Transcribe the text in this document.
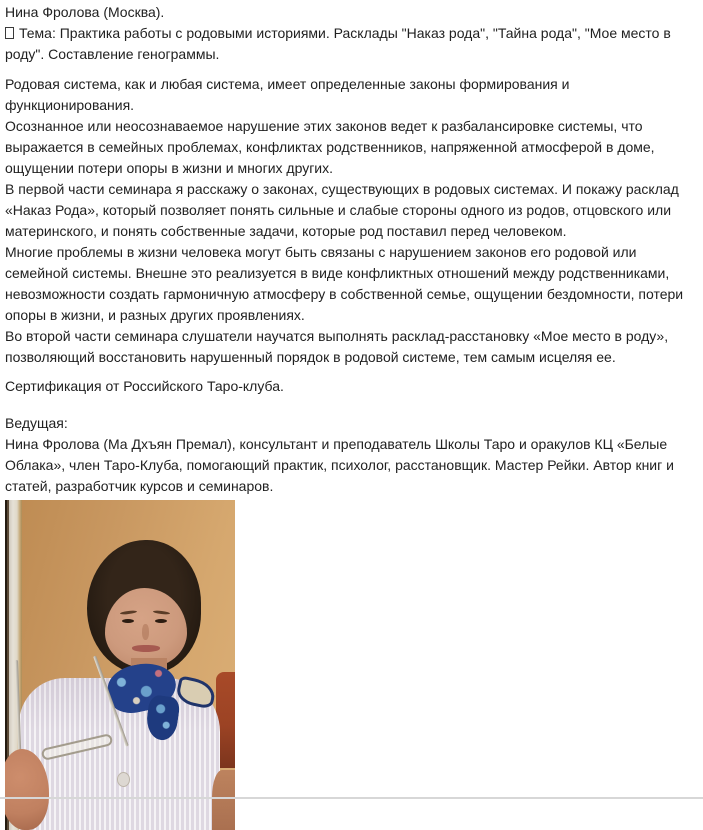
Нина Фролова (Москва).
Тема: Практика работы с родовыми историями. Расклады "Наказ рода", "Тайна рода", "Мое место в роду". Составление генограммы.
Родовая система, как и любая система, имеет определенные законы формирования и функционирования.
Осознанное или неосознаваемое нарушение этих законов ведет к разбалансировке системы, что выражается в семейных проблемах, конфликтах родственников, напряженной атмосферой в доме, ощущении потери опоры в жизни и многих других.
В первой части семинара я расскажу о законах, существующих в родовых системах. И покажу расклад «Наказ Рода», который позволяет понять сильные и слабые стороны одного из родов, отцовского или материнского, и понять собственные задачи, которые род поставил перед человеком.
Многие проблемы в жизни человека могут быть связаны с нарушением законов его родовой или семейной системы. Внешне это реализуется в виде конфликтных отношений между родственниками, невозможности создать гармоничную атмосферу в собственной семье, ощущении бездомности, потери опоры в жизни, и разных других проявлениях.
Во второй части семинара слушатели научатся выполнять расклад-расстановку «Мое место в роду», позволяющий восстановить нарушенный порядок в родовой системе, тем самым исцеляя ее.
Сертификация от Российского Таро-клуба.
Ведущая:
Нина Фролова (Ма Дхъян Премал), консультант и преподаватель Школы Таро и оракулов КЦ «Белые Облака», член Таро-Клуба, помогающий практик, психолог, расстановщик. Мастер Рейки. Автор книг и статей, разработчик курсов и семинаров.
